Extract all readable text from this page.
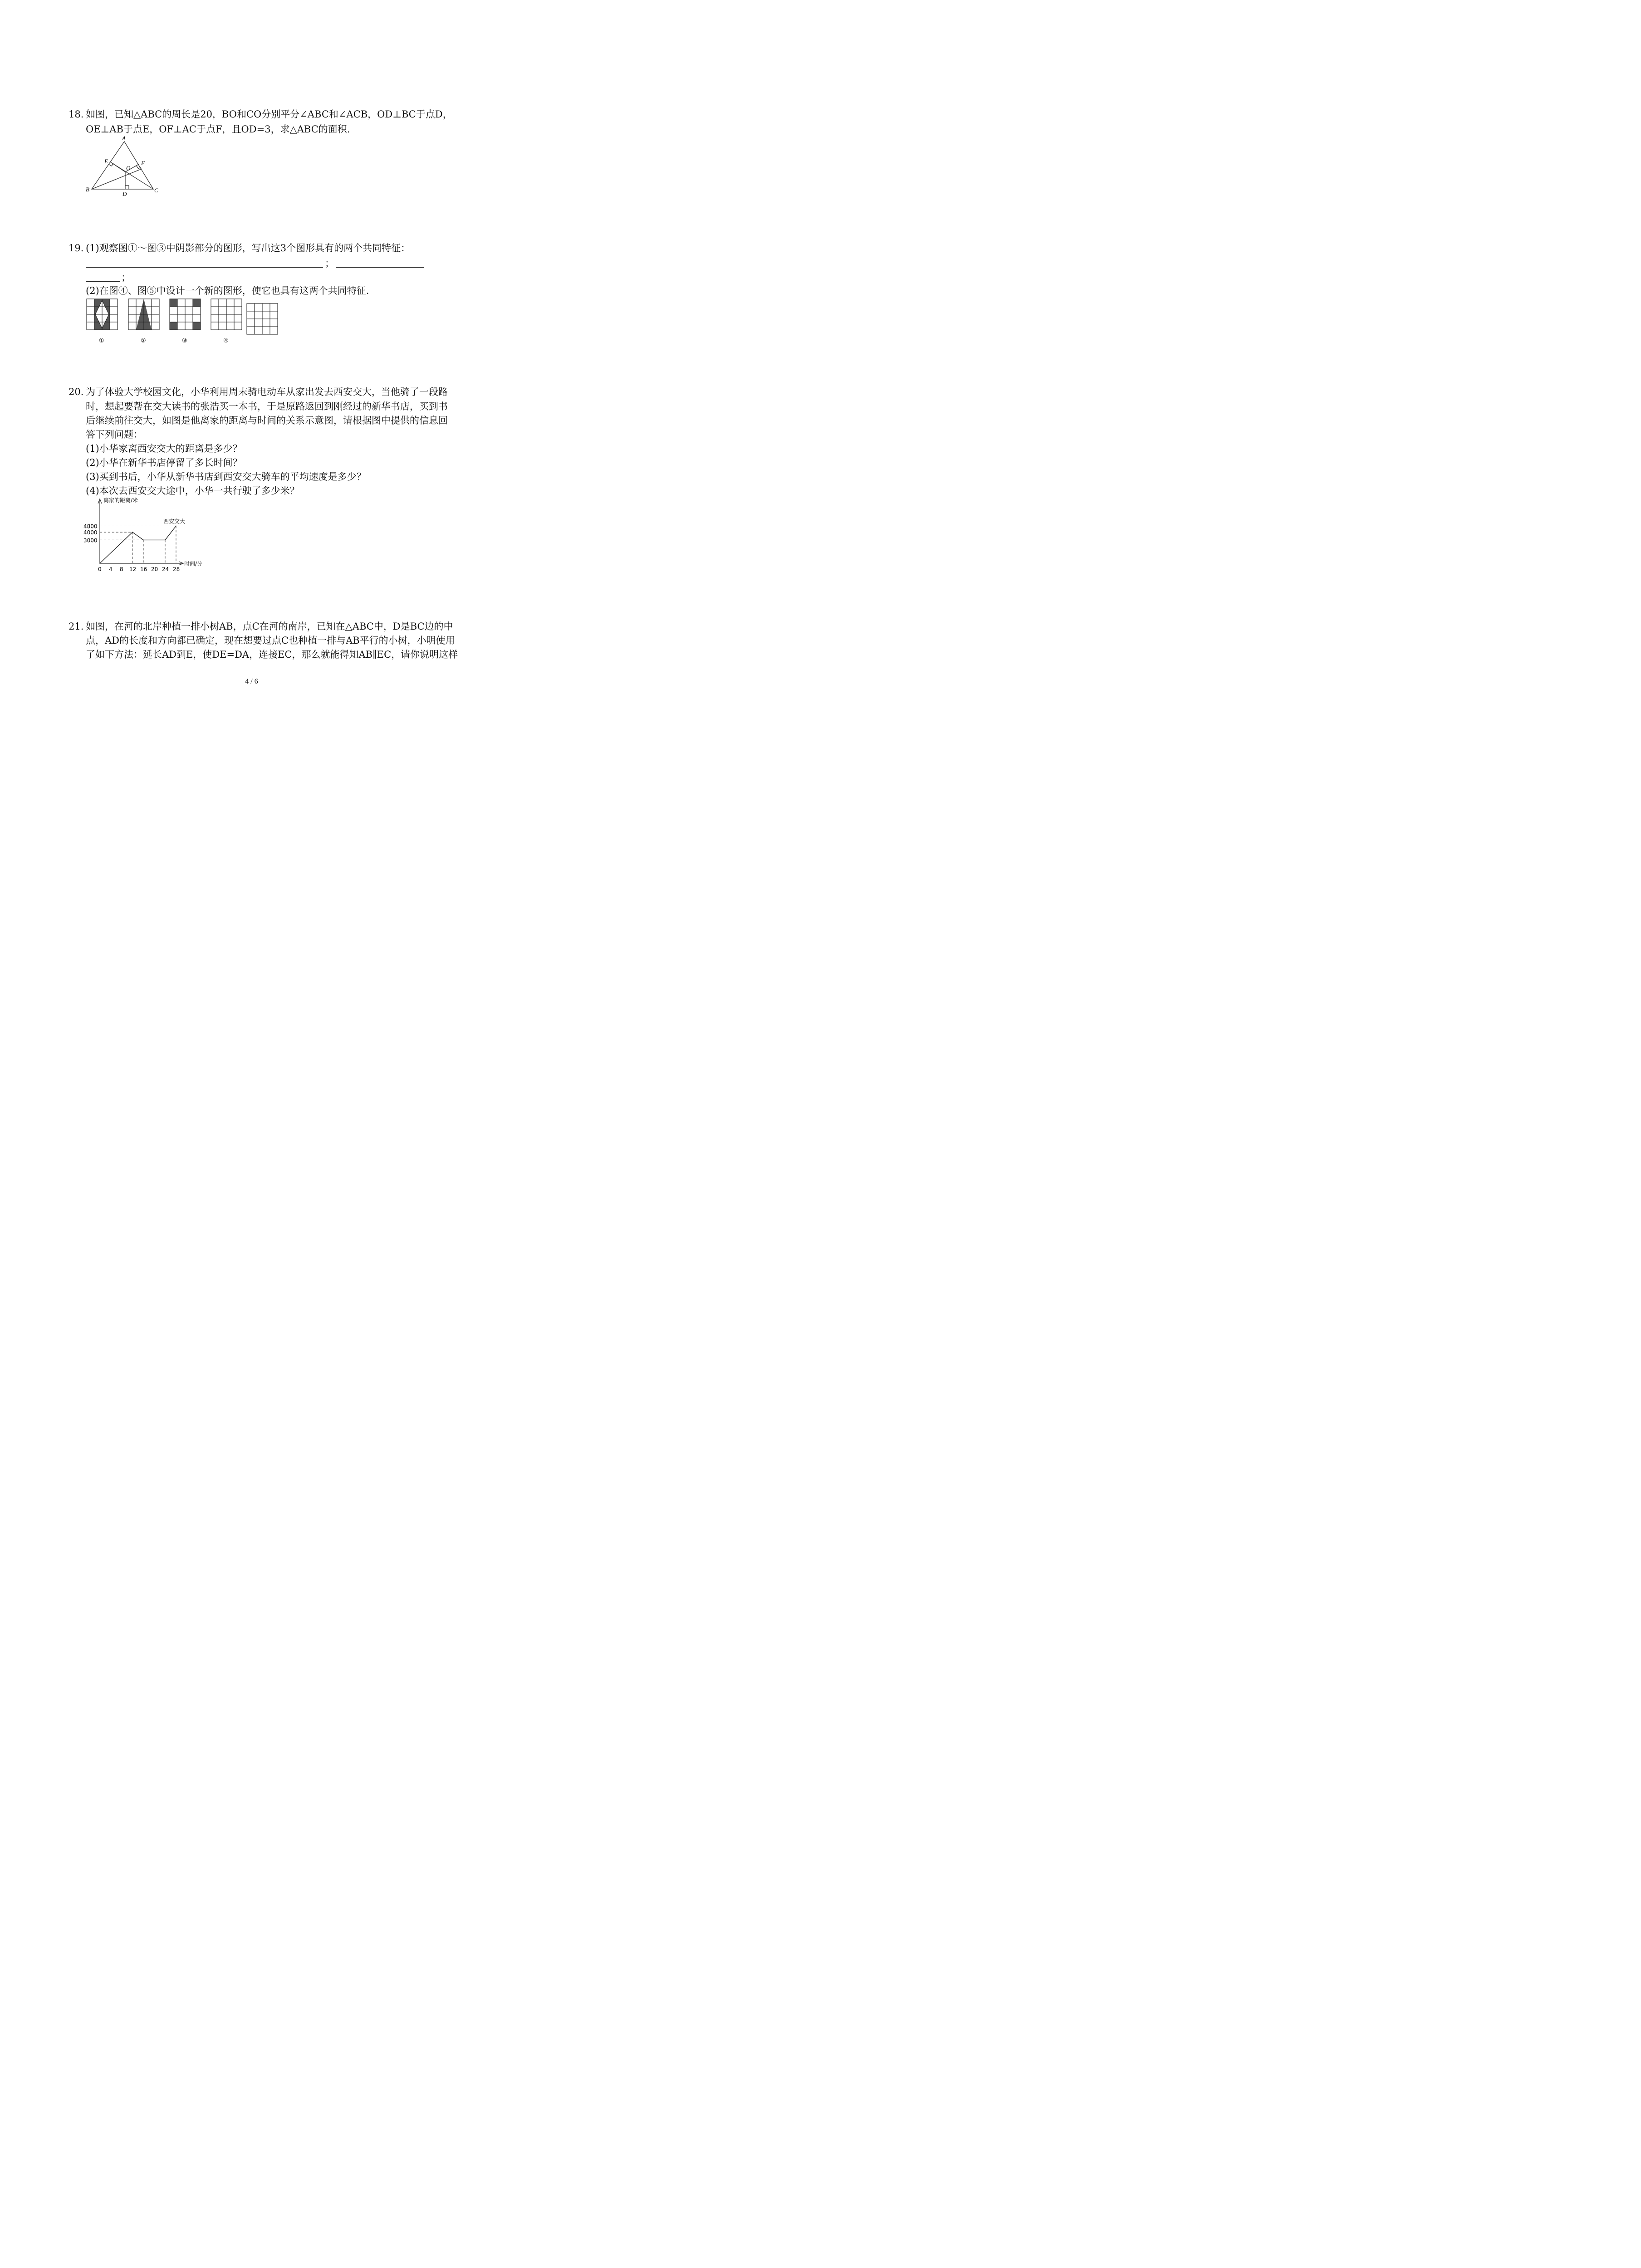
18. 如图，已知△ABC的周长是20，BO和CO分别平分∠ABC和∠ACB，OD⊥BC于点D，
OE⊥AB于点E，OF⊥AC于点F，且OD=3，求△ABC的面积.
A
B	C
D
E	F
O
19. (1)观察图①～图③中阴影部分的图形，写出这3个图形具有的两个共同特征：
；
；
(2)在图④、图⑤中设计一个新的图形，使它也具有这两个共同特征.
①	②	③	④
20. 为了体验大学校园文化，小华利用周末骑电动车从家出发去西安交大，当他骑了一段路
时，想起要帮在交大读书的张浩买一本书，于是原路返回到刚经过的新华书店，买到书
后继续前往交大，如图是他离家的距离与时间的关系示意图，请根据图中提供的信息回
答下列问题：
(1)小华家离西安交大的距离是多少？
(2)小华在新华书店停留了多长时间？
(3)买到书后，小华从新华书店到西安交大骑车的平均速度是多少？
(4)本次去西安交大途中，小华一共行驶了多少米？
离家的距离/米
时间/分
西安交大
0 4 8 12 16 20 24 28
3000
4000
4800
21. 如图，在河的北岸种植一排小树AB，点C在河的南岸，已知在△ABC中，D是BC边的中
点，AD的长度和方向都已确定，现在想要过点C也种植一排与AB平行的小树，小明使用
了如下方法：延长AD到E，使DE=DA，连接EC，那么就能得知AB∥EC，请你说明这样
4 / 6
